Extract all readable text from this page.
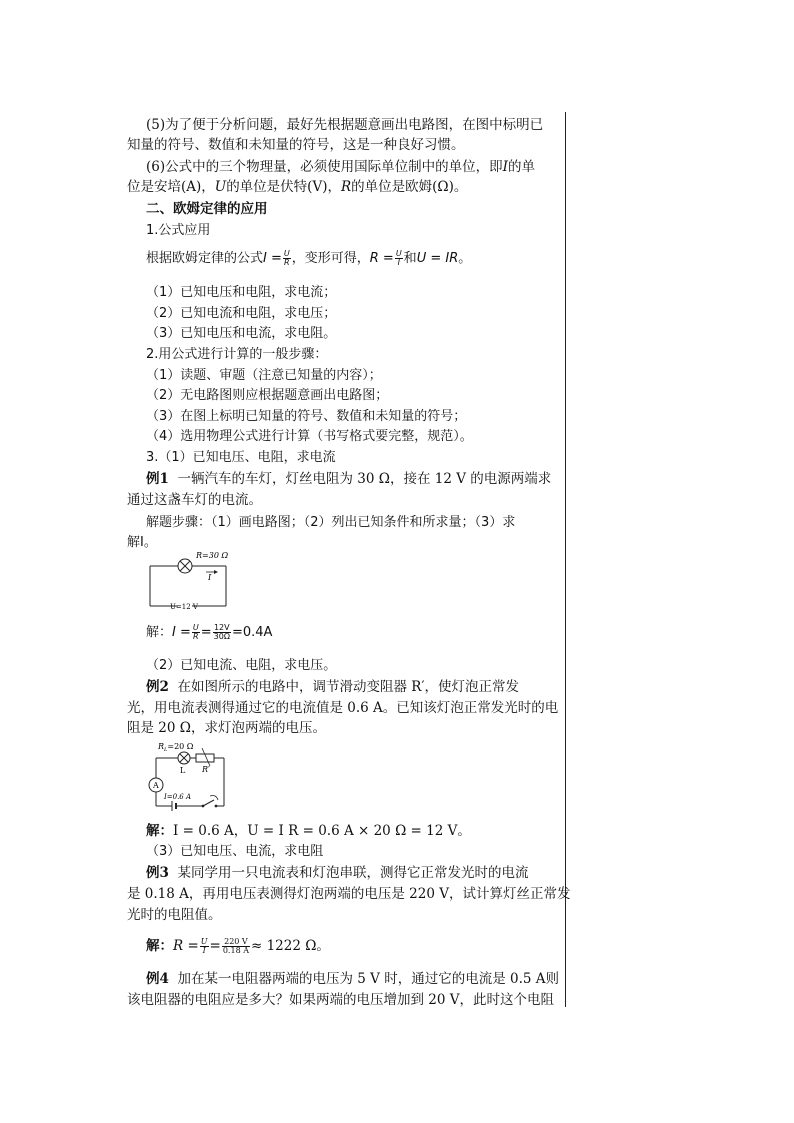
(5)为了便于分析问题，最好先根据题意画出电路图，在图中标明已
知量的符号、数值和未知量的符号，这是一种良好习惯。
(6)公式中的三个物理量，必须使用国际单位制中的单位，即I的单
位是安培(A)，U的单位是伏特(V)，R的单位是欧姆(Ω)。
二、欧姆定律的应用
1.公式应用
根据欧姆定律的公式$I = \frac{U}{R}$ ，变形可得，$R = \frac{U}{I}$ 和U = IR。
（1）已知电压和电阻，求电流；
（2）已知电流和电阻，求电压；
（3）已知电压和电流，求电阻。
2.用公式进行计算的一般步骤：
（1）读题、审题（注意已知量的内容）；
（2）无电路图则应根据题意画出电路图；
（3）在图上标明已知量的符号、数值和未知量的符号；
（4）选用物理公式进行计算（书写格式要完整，规范）。
3.（1）已知电压、电阻，求电流
例1 一辆汽车的车灯，灯丝电阻为 30 Ω，接在 12 V 的电源两端求
通过这盏车灯的电流。
解题步骤：（1）画电路图；（2）列出已知条件和所求量；（3）求
解I。
R=30 Ω
I
U=12 V
解：$I = \frac{U}{R} = \frac{12V}{30\Omega} =0.4A$
（2）已知电流、电阻，求电压。
例2 在如图所示的电路中，调节滑动变阻器 R′，使灯泡正常发
光，用电流表测得通过它的电流值是 0.6 A。已知该灯泡正常发光时的电
阻是 20 Ω，求灯泡两端的电压。
A
$R_L=20$ Ω
L R′
I=0.6 A
解：I = 0.6 A，U = I R = 0.6 A × 20 Ω = 12 V。
（3）已知电压、电流，求电阻
例3 某同学用一只电流表和灯泡串联，测得它正常发光时的电流
是 0.18 A，再用电压表测得灯泡两端的电压是 220 V，试计算灯丝正常发
光时的电阻值。
解：$R = \frac{U}{I} = \frac{220 V}{0.18 A} \approx 1222$ Ω。
例4 加在某一电阻器两端的电压为 5 V 时，通过它的电流是 0.5 A则
该电阻器的电阻应是多大？如果两端的电压增加到 20 V，此时这个电阻
